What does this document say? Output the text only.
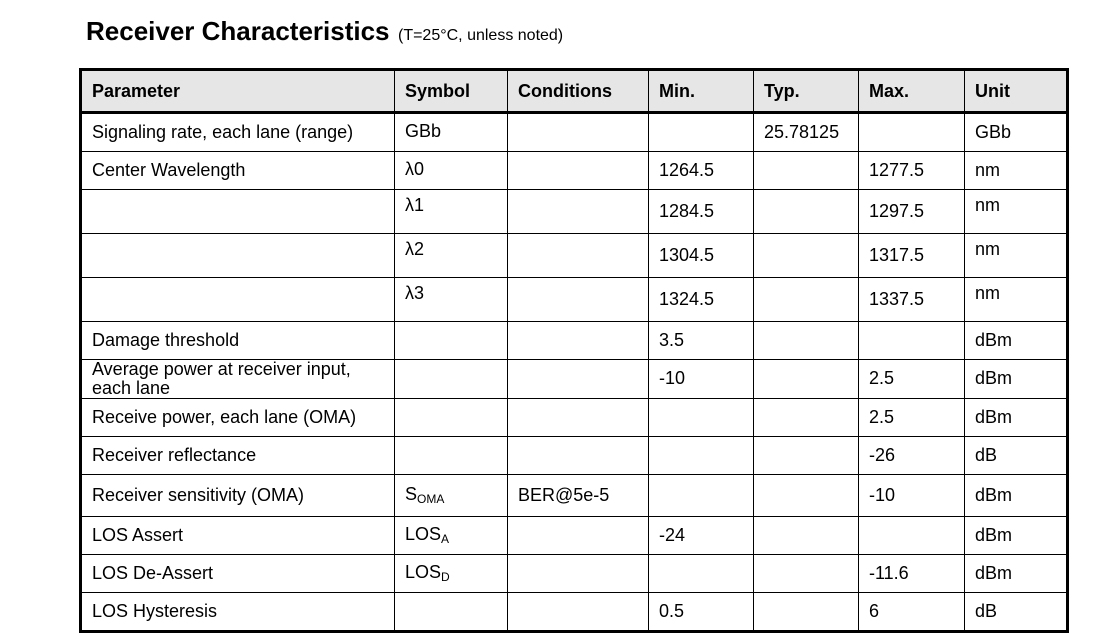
Receiver Characteristics (T=25°C, unless noted)
Parameter	Symbol	Conditions	Min.	Typ.	Max.	Unit
Signaling rate, each lane (range)	GBb			25.78125		GBb
Center Wavelength	λ0		1264.5		1277.5	nm
	λ1		1284.5		1297.5	nm
	λ2		1304.5		1317.5	nm
	λ3		1324.5		1337.5	nm
Damage threshold			3.5			dBm
Average power at receiver input, each lane			-10		2.5	dBm
Receive power, each lane (OMA)					2.5	dBm
Receiver reflectance					-26	dB
Receiver sensitivity (OMA)	$S_{OMA}$	BER@5e-5			-10	dBm
LOS Assert	$LOS_A$		-24			dBm
LOS De-Assert	$LOS_D$				-11.6	dBm
LOS Hysteresis			0.5		6	dB
